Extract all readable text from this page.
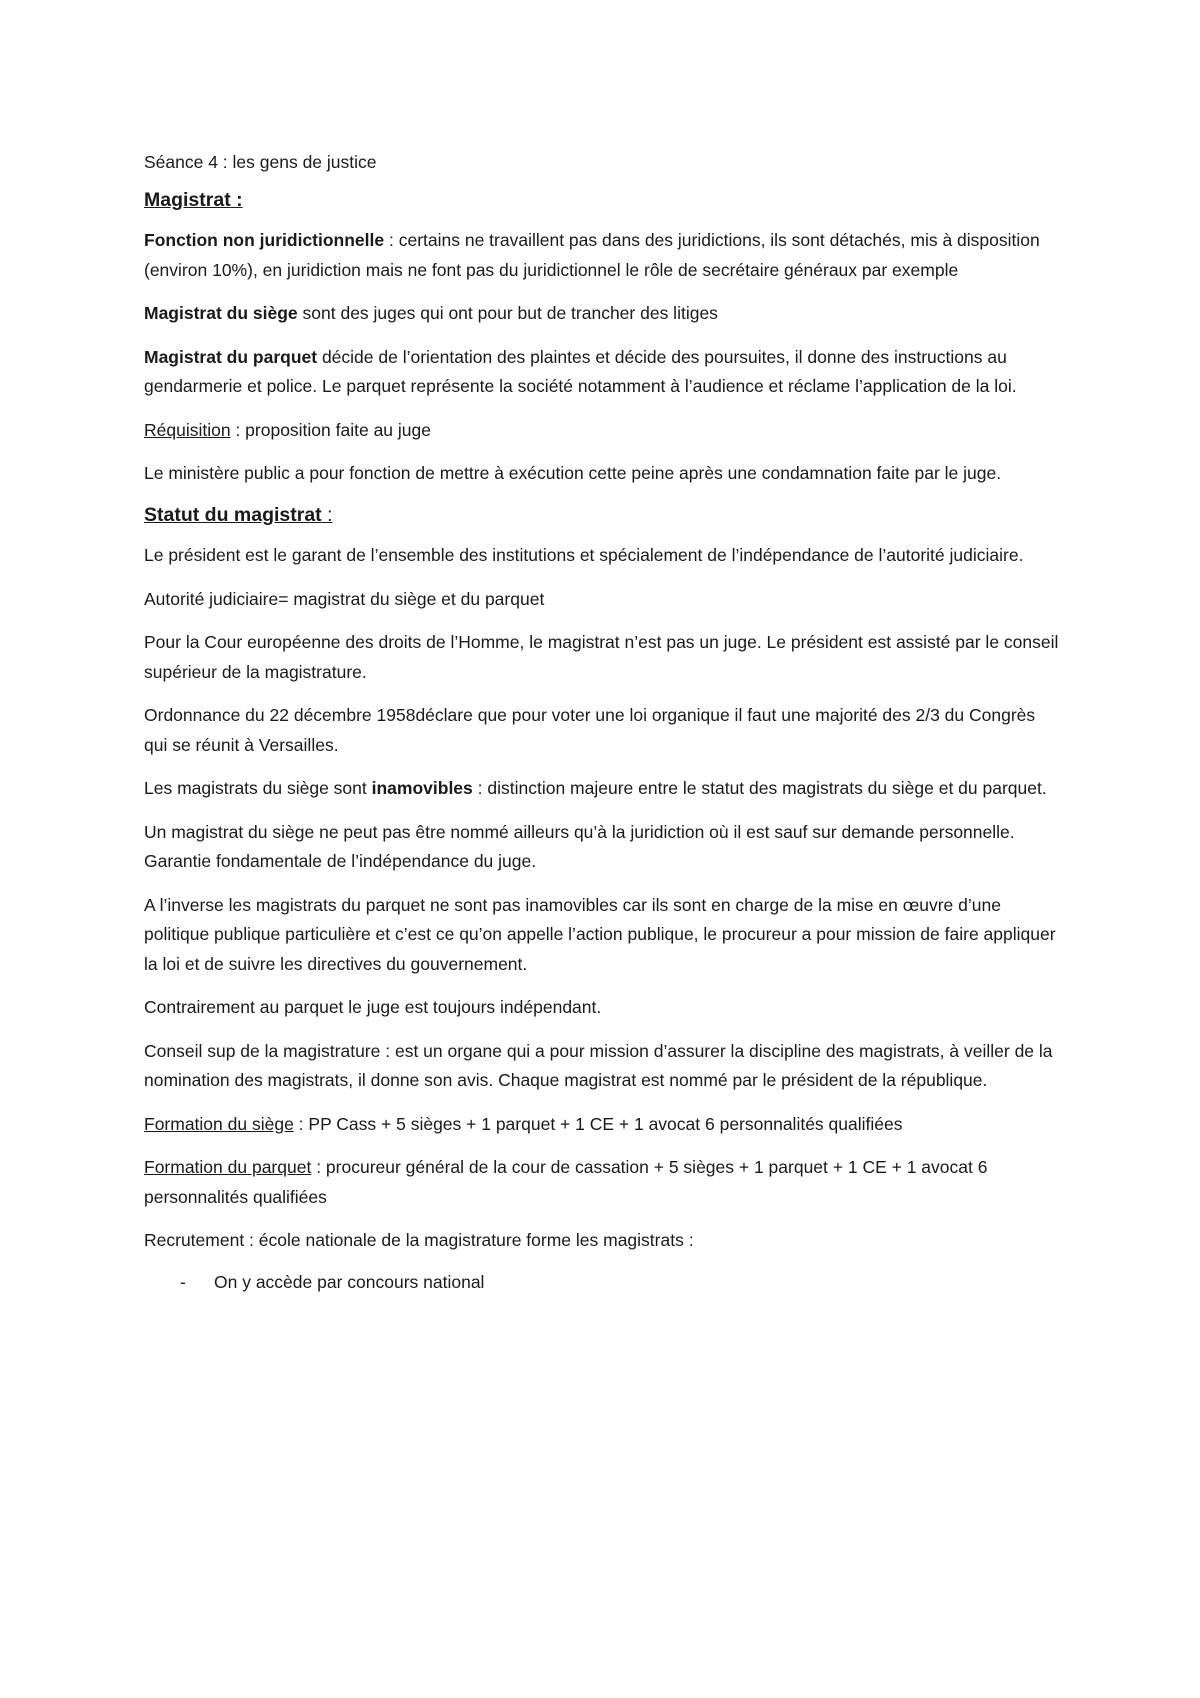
Séance 4 : les gens de justice

Magistrat :

Fonction non juridictionnelle : certains ne travaillent pas dans des juridictions, ils sont détachés, mis à disposition (environ 10%), en juridiction mais ne font pas du juridictionnel le rôle de secrétaire généraux par exemple

Magistrat du siège sont des juges qui ont pour but de trancher des litiges

Magistrat du parquet décide de l’orientation des plaintes et décide des poursuites, il donne des instructions au gendarmerie et police. Le parquet représente la société notamment à l’audience et réclame l’application de la loi.

Réquisition : proposition faite au juge

Le ministère public a pour fonction de mettre à exécution cette peine après une condamnation faite par le juge.

Statut du magistrat :

Le président est le garant de l’ensemble des institutions et spécialement de l’indépendance de l’autorité judiciaire.

Autorité judiciaire= magistrat du siège et du parquet

Pour la Cour européenne des droits de l’Homme, le magistrat n’est pas un juge. Le président est assisté par le conseil supérieur de la magistrature.

Ordonnance du 22 décembre 1958déclare que pour voter une loi organique il faut une majorité des 2/3 du Congrès qui se réunit à Versailles.

Les magistrats du siège sont inamovibles : distinction majeure entre le statut des magistrats du siège et du parquet.

Un magistrat du siège ne peut pas être nommé ailleurs qu’à la juridiction où il est sauf sur demande personnelle. Garantie fondamentale de l’indépendance du juge.

A l’inverse les magistrats du parquet ne sont pas inamovibles car ils sont en charge de la mise en œuvre d’une politique publique particulière et c’est ce qu’on appelle l’action publique, le procureur a pour mission de faire appliquer la loi et de suivre les directives du gouvernement.

Contrairement au parquet le juge est toujours indépendant.

Conseil sup de la magistrature : est un organe qui a pour mission d’assurer la discipline des magistrats, à veiller de la nomination des magistrats, il donne son avis. Chaque magistrat est nommé par le président de la république.

Formation du siège : PP Cass + 5 sièges + 1 parquet + 1 CE + 1 avocat 6 personnalités qualifiées

Formation du parquet : procureur général de la cour de cassation + 5 sièges + 1 parquet + 1 CE + 1 avocat 6 personnalités qualifiées

Recrutement : école nationale de la magistrature forme les magistrats :

-	On y accède par concours national
